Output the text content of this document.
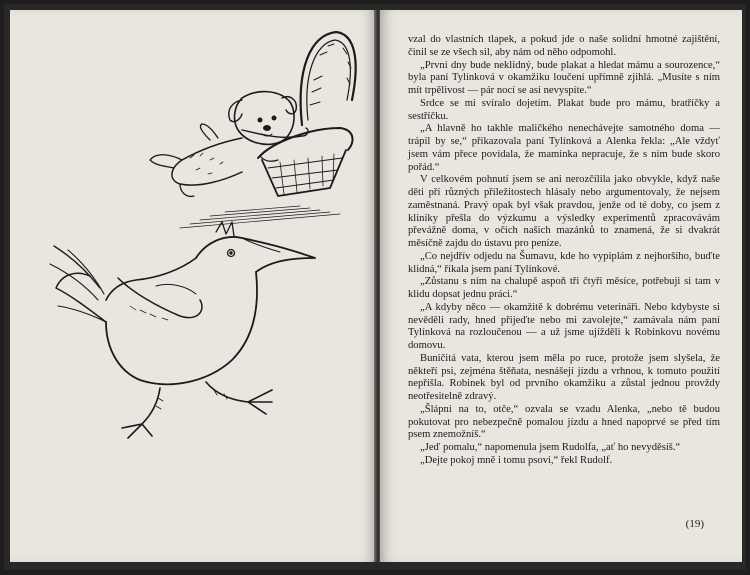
vzal do vlastních tlapek, a pokud jde o naše solidní hmotné zajištění, činil se ze všech sil, aby nám od něho odpomohl.

„První dny bude neklidný, bude plakat a hledat mámu a sourozence,“ byla paní Tylínková v okamžiku loučení upřímně zjihlá. „Musíte s ním mít trpělivost — pár nocí se asi nevyspíte.“

Srdce se mi svíralo dojetím. Plakat bude pro mámu, bratříčky a sestříčku.

„A hlavně ho takhle maličkého nenechávejte samotného doma — trápil by se,“ přikazovala paní Tylínková a Alenka řekla: „Ale vždyť jsem vám přece povídala, že maminka nepracuje, že s ním bude skoro pořád.“

V celkovém pohnutí jsem se ani nerozčílila jako obvykle, když naše děti při různých příležitostech hlásaly nebo argumentovaly, že nejsem zaměstnaná. Pravý opak byl však pravdou, jenže od té doby, co jsem z kliniky přešla do výzkumu a výsledky experimentů zpracovávám převážně doma, v očích našich mazánků to znamená, že si dvakrát měsíčně zajdu do ústavu pro peníze.

„Co nejdřív odjedu na Šumavu, kde ho vypiplám z nejhoršího, buďte klidná,“ říkala jsem paní Tylínkové.

„Zůstanu s ním na chalupě aspoň tři čtyři měsíce, potřebuji si tam v klidu dopsat jednu práci.“

„A kdyby něco — okamžitě k dobrému veterináři. Nebo kdybyste si nevěděli rady, hned přijeďte nebo mi zavolejte,“ zamávala nám paní Tylínková na rozloučenou — a už jsme ujížděli k Robinkovu novému domovu.

Buničitá vata, kterou jsem měla po ruce, protože jsem slyšela, že někteří psi, zejména štěňata, nesnášejí jízdu a vrhnou, k tomuto použití nepřišla. Robinek byl od prvního okamžiku a zůstal jednou provždy neotřesitelně zdravý.

„Šlápni na to, otče,“ ozvala se vzadu Alenka, „nebo tě budou pokutovat pro nebezpečně pomalou jízdu a hned napoprvé se před tím psem znemožníš.“

„Jeď pomalu,“ napomenula jsem Rudolfa, „ať ho nevyděsíš.“

„Dejte pokoj mně i tomu psovi,“ řekl Rudolf.

(19)
